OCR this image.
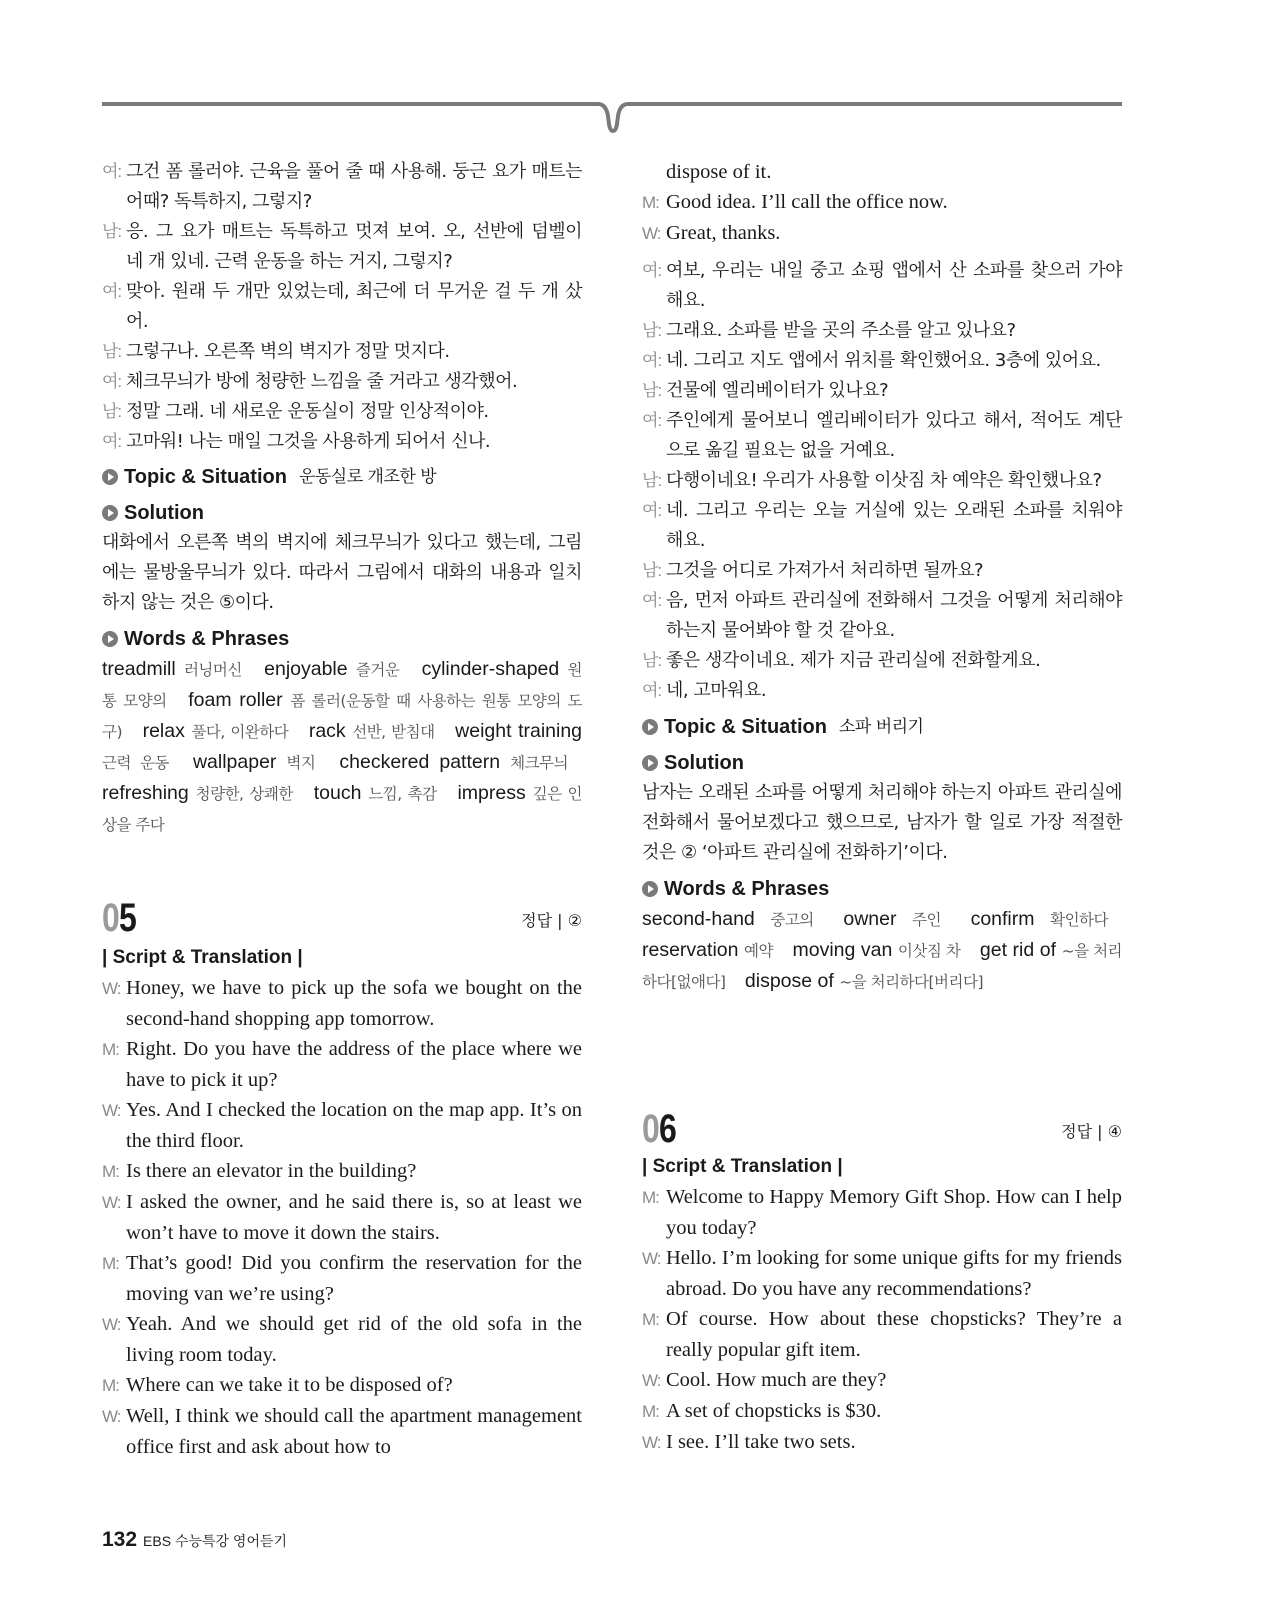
여: 그건 폼 롤러야. 근육을 풀어 줄 때 사용해. 둥근 요가 매트는 어때? 독특하지, 그렇지?
남: 응. 그 요가 매트는 독특하고 멋져 보여. 오, 선반에 덤벨이 네 개 있네. 근력 운동을 하는 거지, 그렇지?
여: 맞아. 원래 두 개만 있었는데, 최근에 더 무거운 걸 두 개 샀어.
남: 그렇구나. 오른쪽 벽의 벽지가 정말 멋지다.
여: 체크무늬가 방에 청량한 느낌을 줄 거라고 생각했어.
남: 정말 그래. 네 새로운 운동실이 정말 인상적이야.
여: 고마워! 나는 매일 그것을 사용하게 되어서 신나.
Topic & Situation 운동실로 개조한 방
Solution
대화에서 오른쪽 벽의 벽지에 체크무늬가 있다고 했는데, 그림에는 물방울무늬가 있다. 따라서 그림에서 대화의 내용과 일치하지 않는 것은 ⑤이다.
Words & Phrases
treadmill 러닝머신 enjoyable 즐거운 cylinder-shaped 원통 모양의 foam roller 폼 롤러(운동할 때 사용하는 원통 모양의 도구) relax 풀다, 이완하다 rack 선반, 받침대 weight training 근력 운동 wallpaper 벽지 checkered pattern 체크무늬 refreshing 청량한, 상쾌한 touch 느낌, 촉감 impress 깊은 인상을 주다
05	정답 | ②
| Script & Translation |
W: Honey, we have to pick up the sofa we bought on the second-hand shopping app tomorrow.
M: Right. Do you have the address of the place where we have to pick it up?
W: Yes. And I checked the location on the map app. It’s on the third floor.
M: Is there an elevator in the building?
W: I asked the owner, and he said there is, so at least we won’t have to move it down the stairs.
M: That’s good! Did you confirm the reservation for the moving van we’re using?
W: Yeah. And we should get rid of the old sofa in the living room today.
M: Where can we take it to be disposed of?
W: Well, I think we should call the apartment management office first and ask about how to
dispose of it.
M: Good idea. I’ll call the office now.
W: Great, thanks.
여: 여보, 우리는 내일 중고 쇼핑 앱에서 산 소파를 찾으러 가야 해요.
남: 그래요. 소파를 받을 곳의 주소를 알고 있나요?
여: 네. 그리고 지도 앱에서 위치를 확인했어요. 3층에 있어요.
남: 건물에 엘리베이터가 있나요?
여: 주인에게 물어보니 엘리베이터가 있다고 해서, 적어도 계단으로 옮길 필요는 없을 거예요.
남: 다행이네요! 우리가 사용할 이삿짐 차 예약은 확인했나요?
여: 네. 그리고 우리는 오늘 거실에 있는 오래된 소파를 치워야 해요.
남: 그것을 어디로 가져가서 처리하면 될까요?
여: 음, 먼저 아파트 관리실에 전화해서 그것을 어떻게 처리해야 하는지 물어봐야 할 것 같아요.
남: 좋은 생각이네요. 제가 지금 관리실에 전화할게요.
여: 네, 고마워요.
Topic & Situation 소파 버리기
Solution
남자는 오래된 소파를 어떻게 처리해야 하는지 아파트 관리실에 전화해서 물어보겠다고 했으므로, 남자가 할 일로 가장 적절한 것은 ② ‘아파트 관리실에 전화하기’이다.
Words & Phrases
second-hand 중고의 owner 주인 confirm 확인하다 reservation 예약 moving van 이삿짐 차 get rid of ~을 처리하다[없애다] dispose of ~을 처리하다[버리다]
06	정답 | ④
| Script & Translation |
M: Welcome to Happy Memory Gift Shop. How can I help you today?
W: Hello. I’m looking for some unique gifts for my friends abroad. Do you have any recommendations?
M: Of course. How about these chopsticks? They’re a really popular gift item.
W: Cool. How much are they?
M: A set of chopsticks is $30.
W: I see. I’ll take two sets.
132 EBS 수능특강 영어듣기
